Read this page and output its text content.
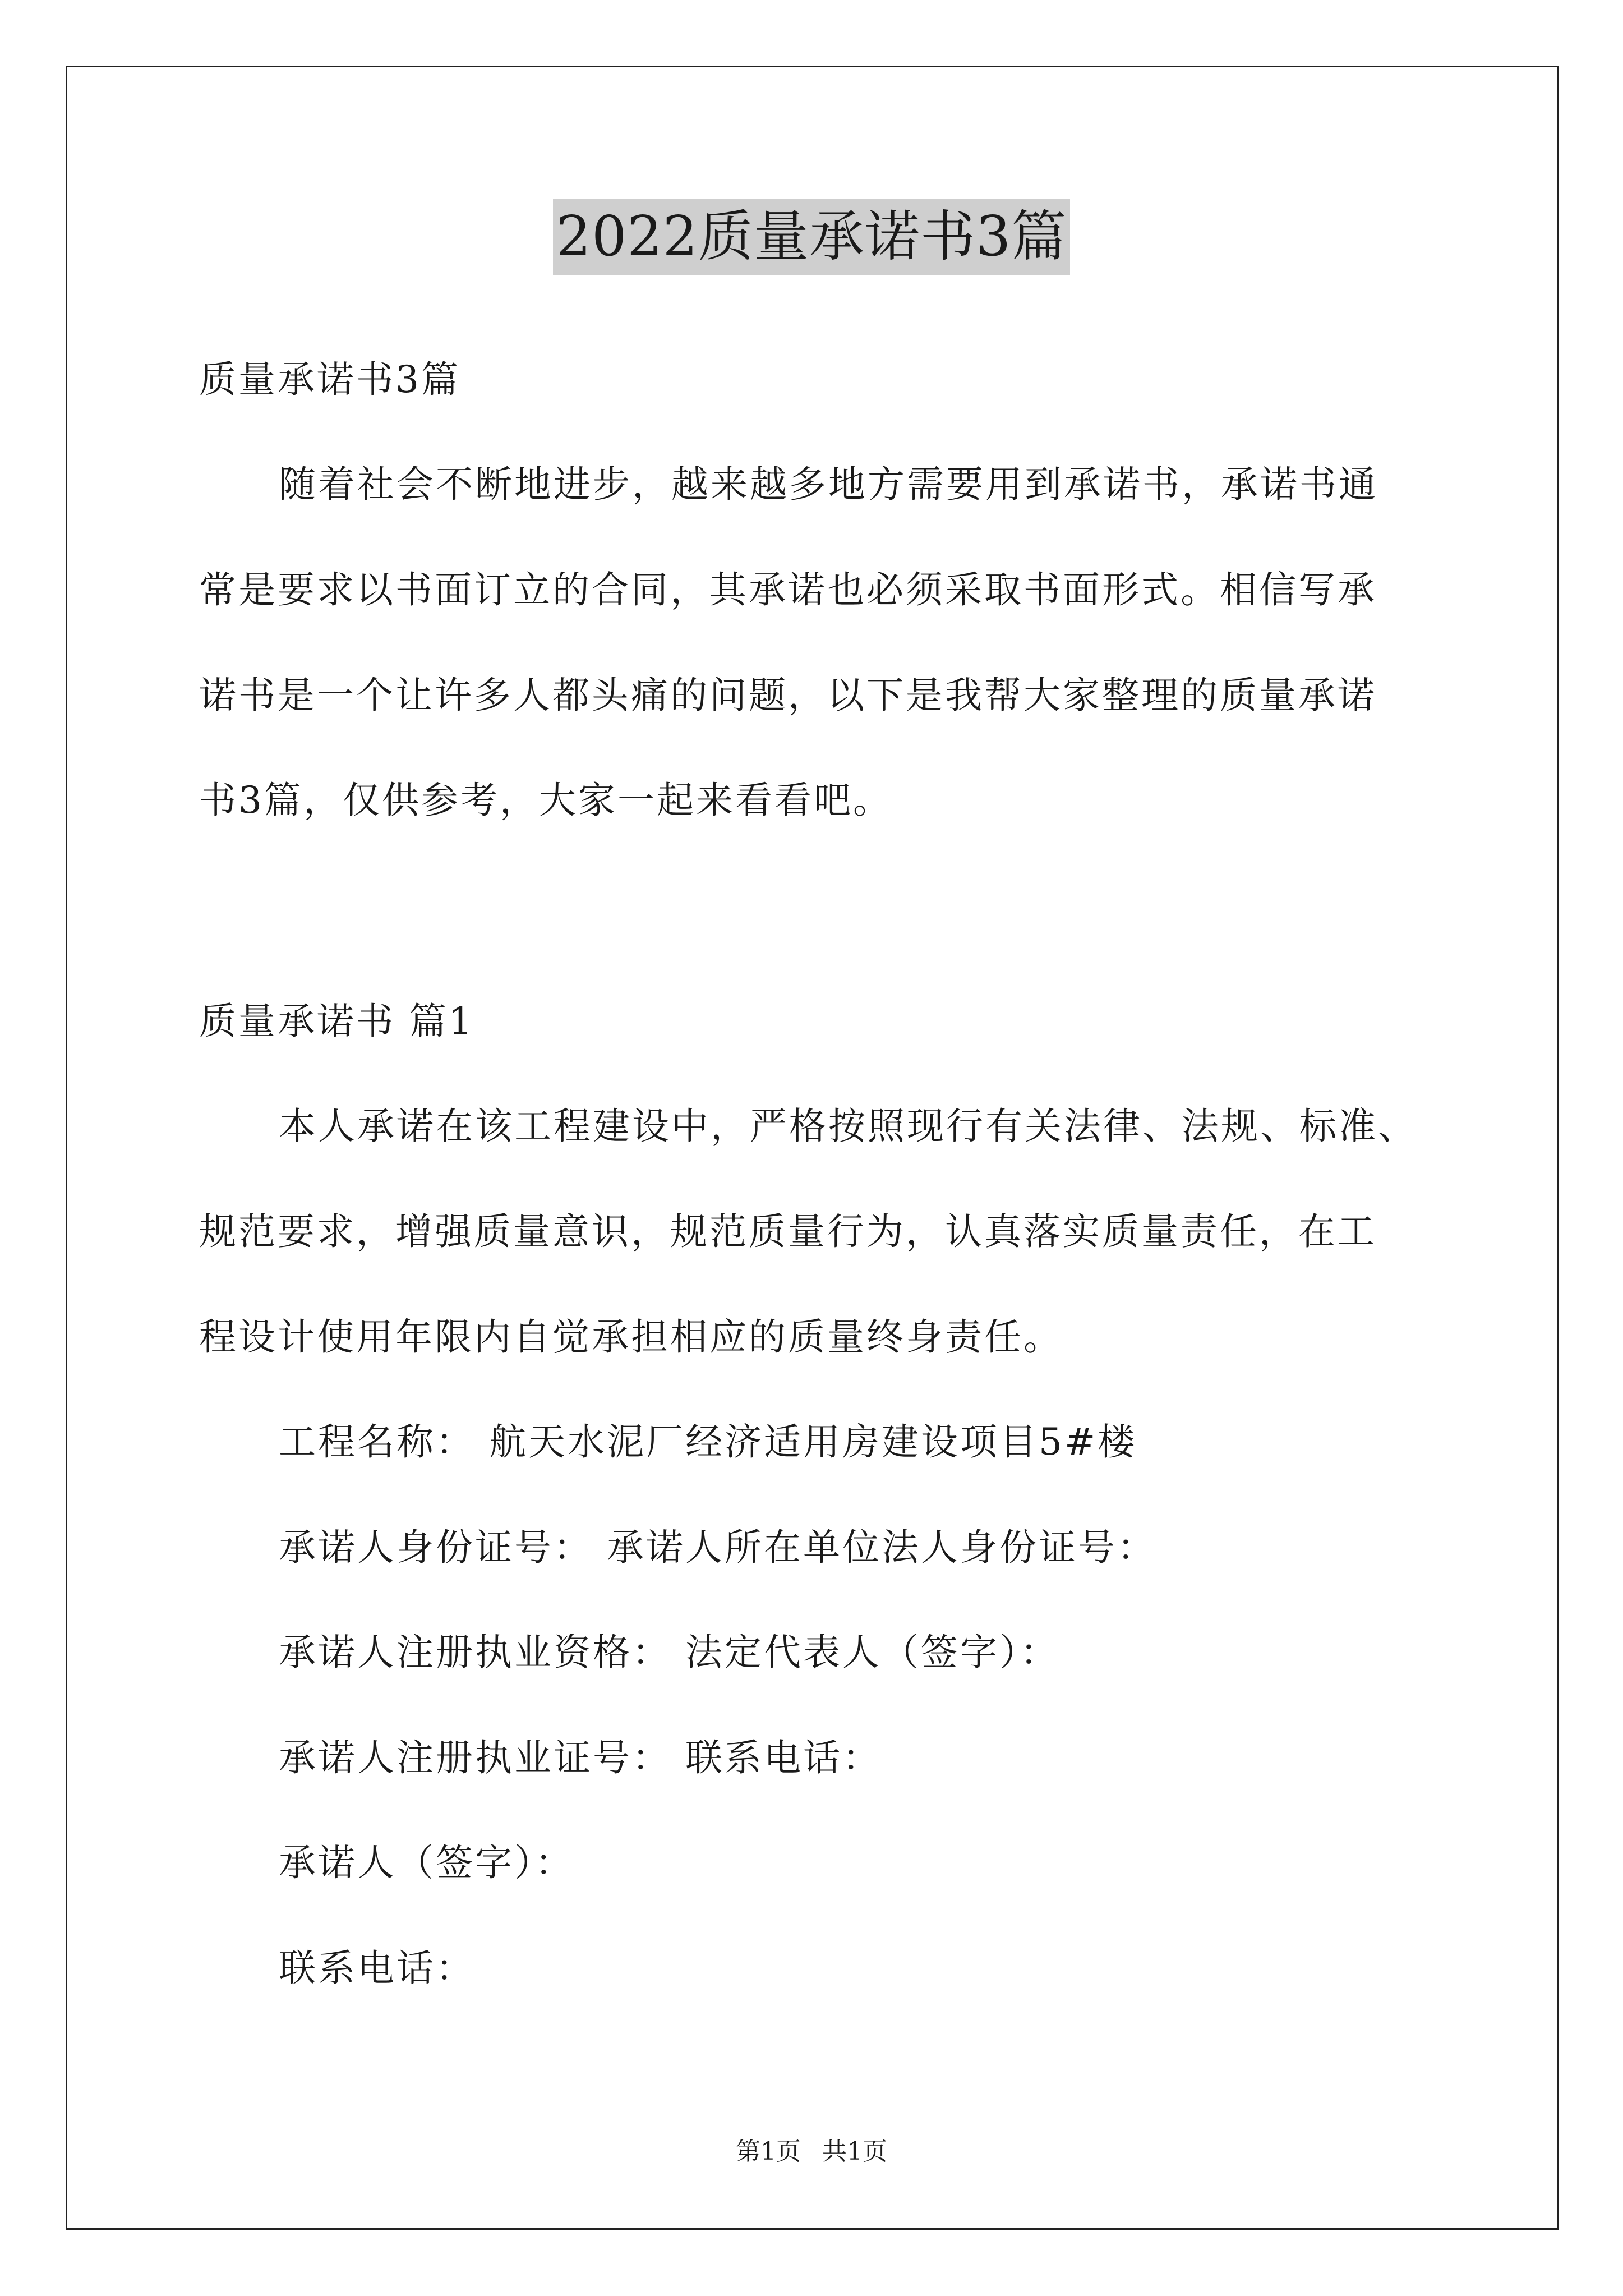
2022质量承诺书3篇
质量承诺书3篇
随着社会不断地进步，越来越多地方需要用到承诺书，承诺书通
常是要求以书面订立的合同，其承诺也必须采取书面形式。相信写承
诺书是一个让许多人都头痛的问题，以下是我帮大家整理的质量承诺
书3篇，仅供参考，大家一起来看看吧。
质量承诺书 篇1
本人承诺在该工程建设中，严格按照现行有关法律、法规、标准、
规范要求，增强质量意识，规范质量行为，认真落实质量责任，在工
程设计使用年限内自觉承担相应的质量终身责任。
工程名称： 航天水泥厂经济适用房建设项目5#楼
承诺人身份证号： 承诺人所在单位法人身份证号：
承诺人注册执业资格： 法定代表人（签字）：
承诺人注册执业证号： 联系电话：
承诺人（签字）：
联系电话：
第1页 共1页
